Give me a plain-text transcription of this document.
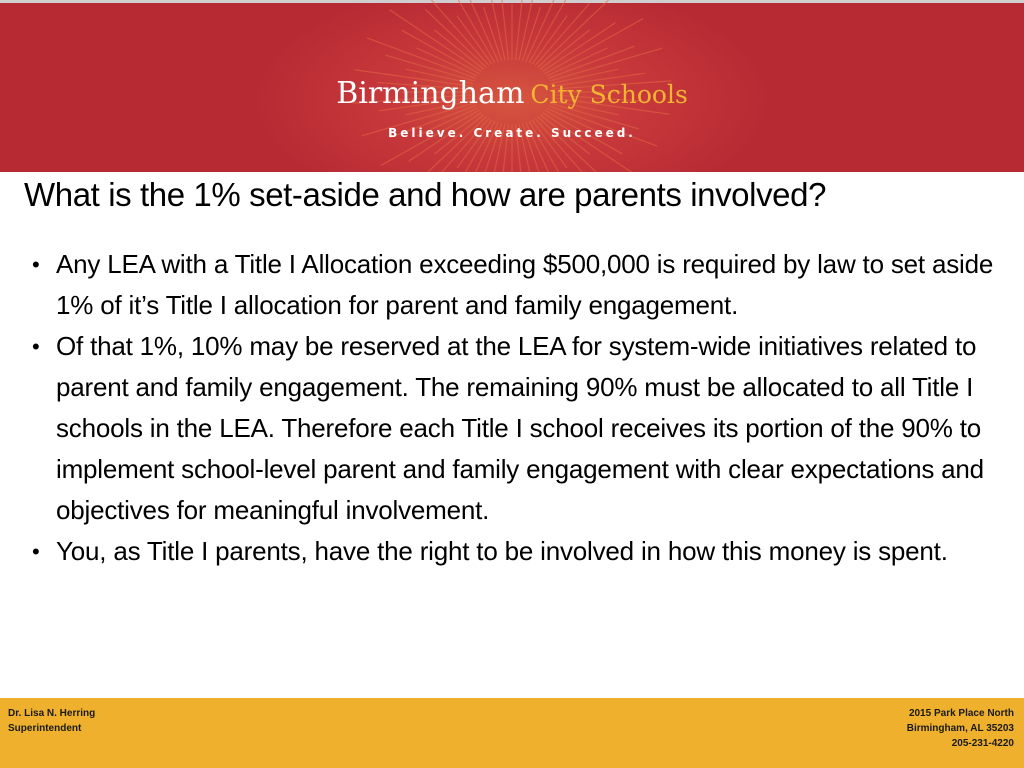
Birmingham City Schools
Believe. Create. Succeed.
What is the 1% set-aside and how are parents involved?
• Any LEA with a Title I Allocation exceeding $500,000 is required by law to set aside 1% of it’s Title I allocation for parent and family engagement.
• Of that 1%, 10% may be reserved at the LEA for system-wide initiatives related to parent and family engagement. The remaining 90% must be allocated to all Title I schools in the LEA. Therefore each Title I school receives its portion of the 90% to implement school-level parent and family engagement with clear expectations and objectives for meaningful involvement.
• You, as Title I parents, have the right to be involved in how this money is spent.
Dr. Lisa N. Herring
Superintendent
2015 Park Place North
Birmingham, AL 35203
205-231-4220
